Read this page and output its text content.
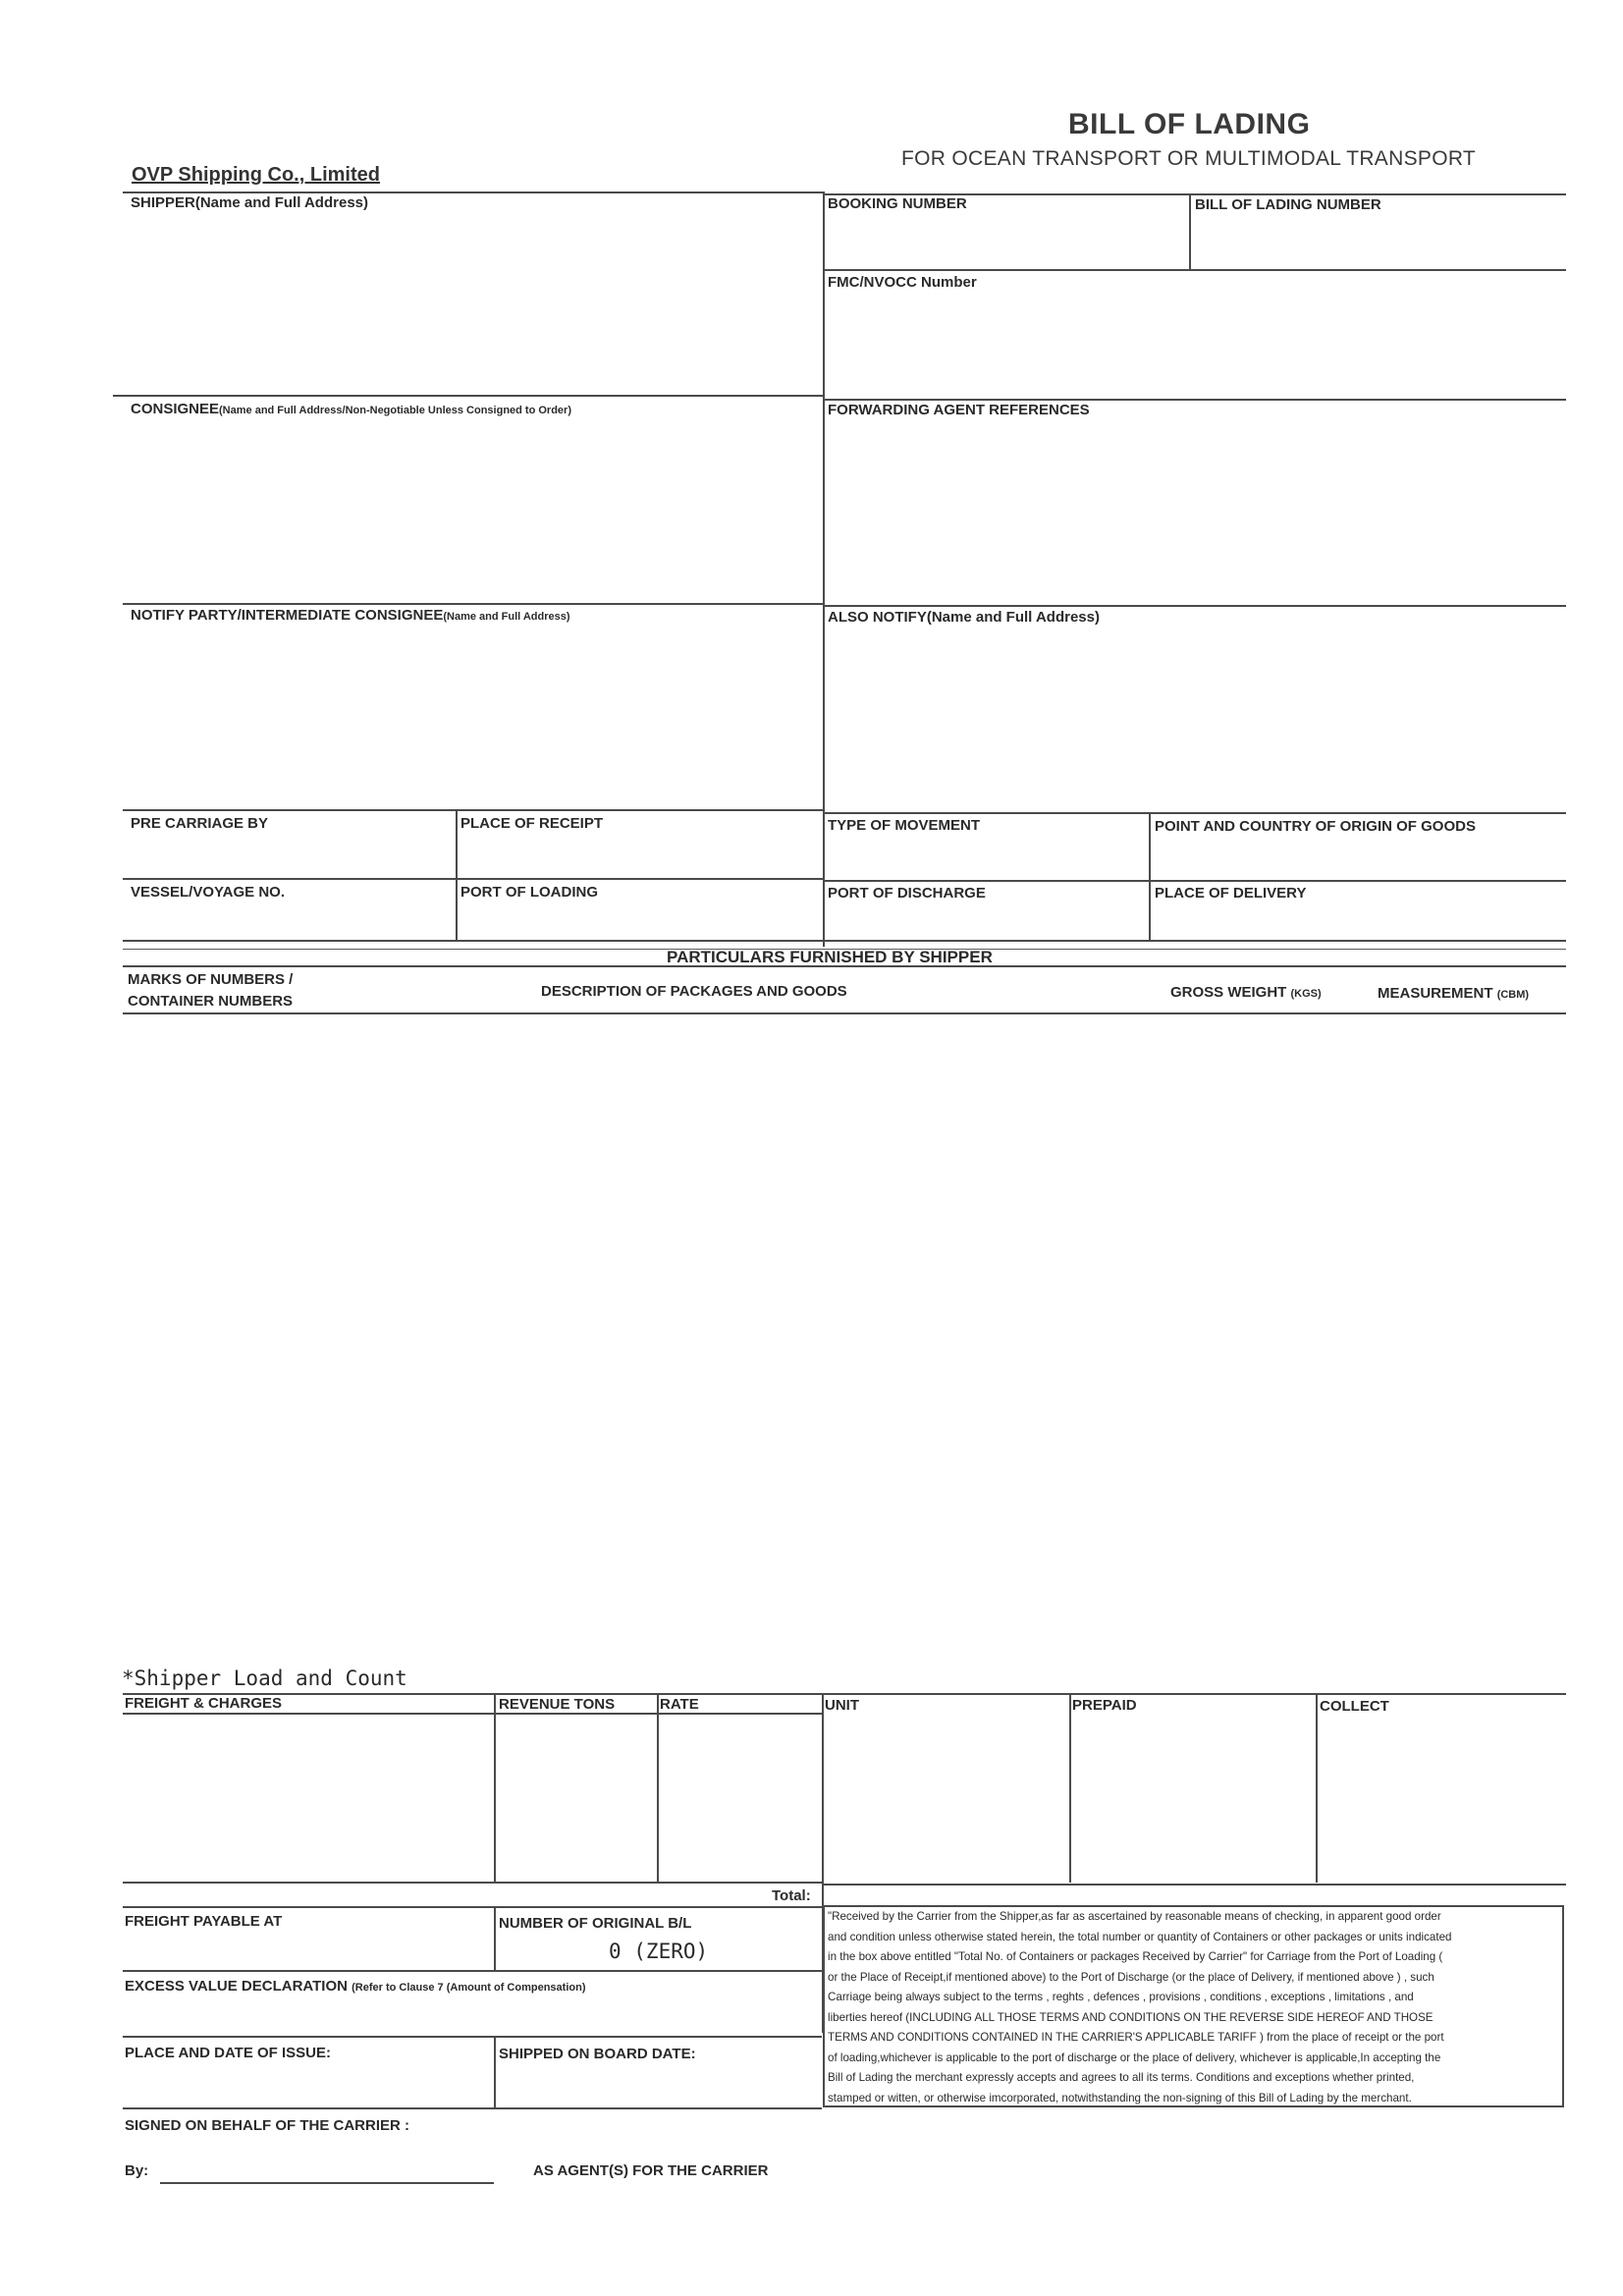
BILL OF LADING
FOR OCEAN TRANSPORT OR MULTIMODAL TRANSPORT
OVP Shipping Co., Limited
SHIPPER(Name and Full Address)	BOOKING NUMBER	BILL OF LADING NUMBER
FMC/NVOCC Number
CONSIGNEE(Name and Full Address/Non-Negotiable Unless Consigned to Order)	FORWARDING AGENT REFERENCES
NOTIFY PARTY/INTERMEDIATE CONSIGNEE(Name and Full Address)	ALSO NOTIFY(Name and Full Address)
PRE CARRIAGE BY	PLACE OF RECEIPT	TYPE OF MOVEMENT	POINT AND COUNTRY OF ORIGIN OF GOODS
VESSEL/VOYAGE NO.	PORT OF LOADING	PORT OF DISCHARGE	PLACE OF DELIVERY
PARTICULARS FURNISHED BY SHIPPER
MARKS OF NUMBERS /
CONTAINER NUMBERS
DESCRIPTION OF PACKAGES AND GOODS	GROSS WEIGHT (KGS)	MEASUREMENT (CBM)
*Shipper Load and Count
FREIGHT & CHARGES	REVENUE TONS	RATE	UNIT	PREPAID	COLLECT
Total:
FREIGHT PAYABLE AT	NUMBER OF ORIGINAL B/L
0 (ZERO)
EXCESS VALUE DECLARATION (Refer to Clause 7 (Amount of Compensation)
PLACE AND DATE OF ISSUE:	SHIPPED ON BOARD DATE:
SIGNED ON BEHALF OF THE CARRIER :
By:	AS AGENT(S) FOR THE CARRIER
"Received by the Carrier from the Shipper,as far as ascertained by reasonable means of checking, in apparent good order
and condition unless otherwise stated herein, the total number or quantity of Containers or other packages or units indicated
in the box above entitled "Total No. of Containers or packages Received by Carrier" for Carriage from the Port of Loading (
or the Place of Receipt,if mentioned above) to the Port of Discharge (or the place of Delivery, if mentioned above ) , such
Carriage being always subject to the terms , reghts , defences , provisions , conditions , exceptions , limitations , and
liberties hereof (INCLUDING ALL THOSE TERMS AND CONDITIONS ON THE REVERSE SIDE HEREOF AND THOSE
TERMS AND CONDITIONS CONTAINED IN THE CARRIER'S APPLICABLE TARIFF ) from the place of receipt or the port
of loading,whichever is applicable to the port of discharge or the place of delivery, whichever is applicable,In accepting the
Bill of Lading the merchant expressly accepts and agrees to all its terms. Conditions and exceptions whether printed,
stamped or witten, or otherwise imcorporated, notwithstanding the non-signing of this Bill of Lading by the merchant.
